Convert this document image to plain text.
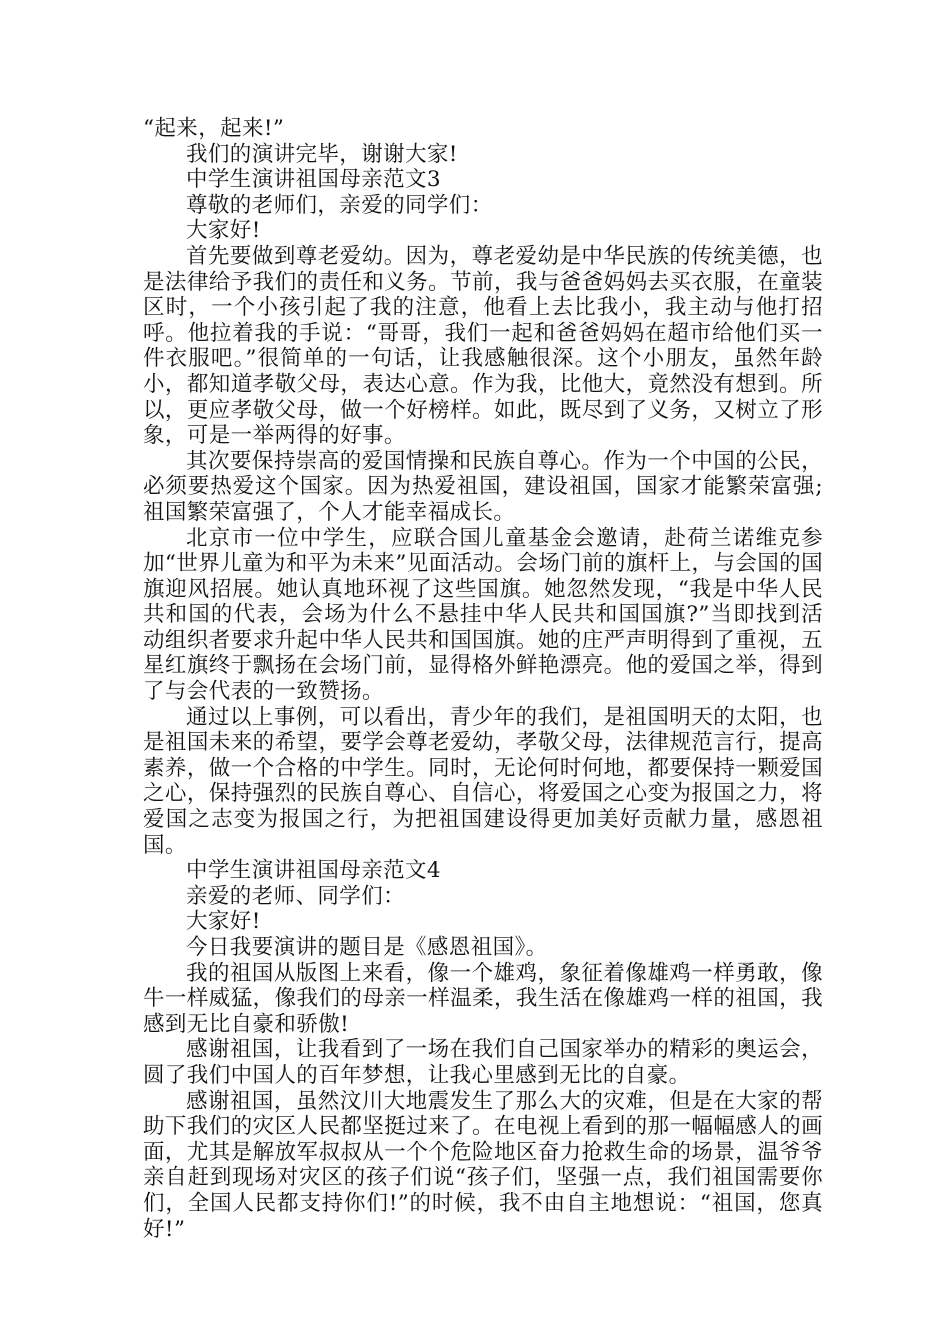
“起来，起来!”

我们的演讲完毕，谢谢大家!

中学生演讲祖国母亲范文3

尊敬的老师们，亲爱的同学们：

大家好!

首先要做到尊老爱幼。因为，尊老爱幼是中华民族的传统美德，也是法律给予我们的责任和义务。节前，我与爸爸妈妈去买衣服，在童装区时，一个小孩引起了我的注意，他看上去比我小，我主动与他打招呼。他拉着我的手说：“哥哥，我们一起和爸爸妈妈在超市给他们买一件衣服吧。”很简单的一句话，让我感触很深。这个小朋友，虽然年龄小，都知道孝敬父母，表达心意。作为我，比他大，竟然没有想到。所以，更应孝敬父母，做一个好榜样。如此，既尽到了义务，又树立了形象，可是一举两得的好事。

其次要保持崇高的爱国情操和民族自尊心。作为一个中国的公民，必须要热爱这个国家。因为热爱祖国，建设祖国，国家才能繁荣富强;祖国繁荣富强了，个人才能幸福成长。

北京市一位中学生，应联合国儿童基金会邀请，赴荷兰诺维克参加“世界儿童为和平为未来”见面活动。会场门前的旗杆上，与会国的国旗迎风招展。她认真地环视了这些国旗。她忽然发现，“我是中华人民共和国的代表，会场为什么不悬挂中华人民共和国国旗?”当即找到活动组织者要求升起中华人民共和国国旗。她的庄严声明得到了重视，五星红旗终于飘扬在会场门前，显得格外鲜艳漂亮。他的爱国之举，得到了与会代表的一致赞扬。

通过以上事例，可以看出，青少年的我们，是祖国明天的太阳，也是祖国未来的希望，要学会尊老爱幼，孝敬父母，法律规范言行，提高素养，做一个合格的中学生。同时，无论何时何地，都要保持一颗爱国之心，保持强烈的民族自尊心、自信心，将爱国之心变为报国之力，将爱国之志变为报国之行，为把祖国建设得更加美好贡献力量，感恩祖国。

中学生演讲祖国母亲范文4

亲爱的老师、同学们：

大家好!

今日我要演讲的题目是《感恩祖国》。

我的祖国从版图上来看，像一个雄鸡，象征着像雄鸡一样勇敢，像牛一样威猛，像我们的母亲一样温柔，我生活在像雄鸡一样的祖国，我感到无比自豪和骄傲!

感谢祖国，让我看到了一场在我们自己国家举办的精彩的奥运会，圆了我们中国人的百年梦想，让我心里感到无比的自豪。

感谢祖国，虽然汶川大地震发生了那么大的灾难，但是在大家的帮助下我们的灾区人民都坚挺过来了。在电视上看到的那一幅幅感人的画面，尤其是解放军叔叔从一个个危险地区奋力抢救生命的场景，温爷爷亲自赶到现场对灾区的孩子们说“孩子们，坚强一点，我们祖国需要你们，全国人民都支持你们!”的时候，我不由自主地想说：“祖国，您真好!”
